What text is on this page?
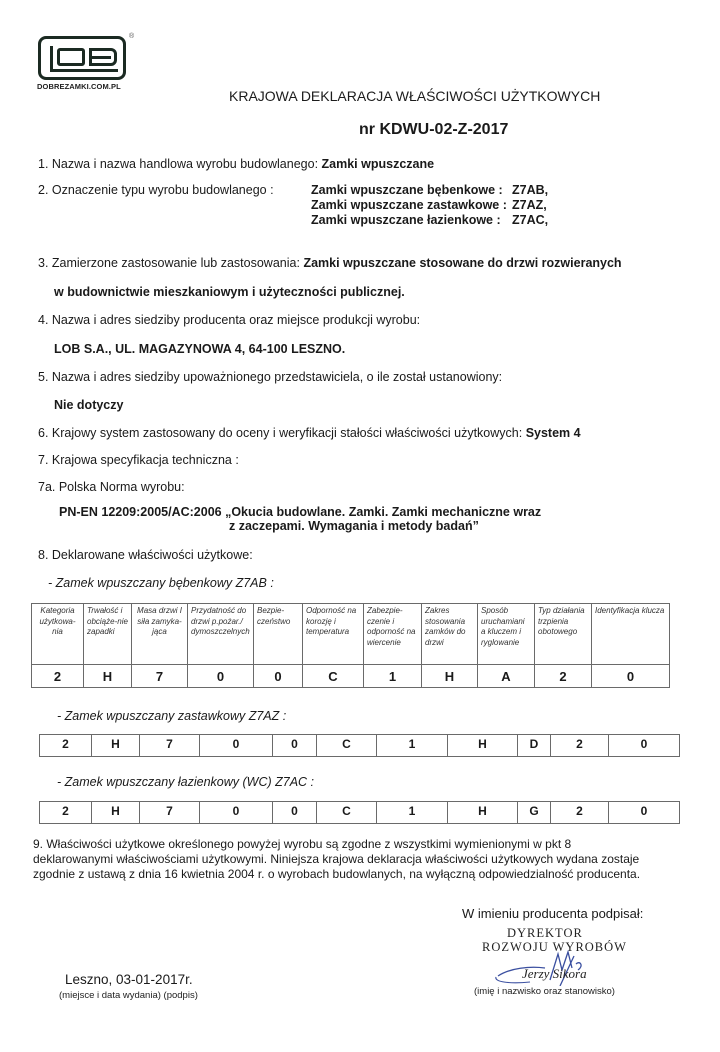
®
DOBREZAMKI.COM.PL
KRAJOWA DEKLARACJA WŁAŚCIWOŚCI UŻYTKOWYCH
nr KDWU-02-Z-2017
1. Nazwa i nazwa handlowa wyrobu budowlanego: Zamki wpuszczane
2. Oznaczenie typu wyrobu budowlanego :	Zamki wpuszczane bębenkowe : Z7AB,
Zamki wpuszczane zastawkowe : Z7AZ,
Zamki wpuszczane łazienkowe : Z7AC,
3. Zamierzone zastosowanie lub zastosowania: Zamki wpuszczane stosowane do drzwi rozwieranych
w budownictwie mieszkaniowym i użyteczności publicznej.
4. Nazwa i adres siedziby producenta oraz miejsce produkcji wyrobu:
LOB S.A., UL. MAGAZYNOWA 4, 64-100 LESZNO.
5. Nazwa i adres siedziby upoważnionego przedstawiciela, o ile został ustanowiony:
Nie dotyczy
6. Krajowy system zastosowany do oceny i weryfikacji stałości właściwości użytkowych: System 4
7. Krajowa specyfikacja techniczna :
7a. Polska Norma wyrobu:
PN-EN 12209:2005/AC:2006 „Okucia budowlane. Zamki. Zamki mechaniczne wraz
z zaczepami. Wymagania i metody badań”
8. Deklarowane właściwości użytkowe:
- Zamek wpuszczany bębenkowy Z7AB :
Kategoria użytkowa-nia	Trwałość i obciąże-nie zapadki	Masa drzwi I siła zamyka-jąca	Przydatność do drzwi p.pożar./ dymoszczelnych	Bezpie-czeństwo	Odporność na korozję i temperatura	Zabezpie-czenie i odporność na wiercenie	Zakres stosowania zamków do drzwi	Sposób uruchamiani a kluczem i ryglowanie	Typ działania trzpienia obotowego	Identyfikacja klucza
2	H	7	0	0	C	1	H	A	2	0
- Zamek wpuszczany zastawkowy Z7AZ :
2	H	7	0	0	C	1	H	D	2	0
- Zamek wpuszczany łazienkowy (WC) Z7AC :
2	H	7	0	0	C	1	H	G	2	0
9. Właściwości użytkowe określonego powyżej wyrobu są zgodne z wszystkimi wymienionymi w pkt 8
deklarowanymi właściwościami użytkowymi. Niniejsza krajowa deklaracja właściwości użytkowych wydana zostaje
zgodnie z ustawą z dnia 16 kwietnia 2004 r. o wyrobach budowlanych, na wyłączną odpowiedzialność producenta.
W imieniu producenta podpisał:
DYREKTOR
ROZWOJU WYROBÓW
Jerzy Sikora
(imię i nazwisko oraz stanowisko)
Leszno, 03-01-2017r.
(miejsce i data wydania) (podpis)
